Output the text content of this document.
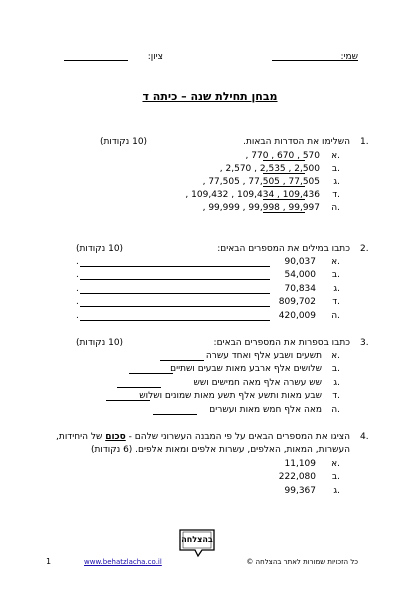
שמי:
ציון:
מבחן תחילת שנה – כיתה ד
1.
השלימו את הסדרות הבאות.
(10 נקודות)
א.
570 , 670 , 770 ,
ב.
2,500 , 2,535 , 2,570 ,
ג.
77,505 , 77,505 , 77,505 ,
ד.
109,436 , 109,434 , 109,432 ,
ה.
99,997 , 99,998 , 99,999 ,
2.
כתבו במילים את המספרים הבאים:
(10 נקודות)
א.
90,037
.
ב.
54,000
.
ג.
70,834
.
ד.
809,702
.
ה.
420,009
.
3.
כתבו בספרות את המספרים הבאים:
(10 נקודות)
א.
תשעים ושבע אלף ואחד עשרה
ב.
שלושים אלף ארבע מאות שבעים ושתיים
ג.
שש עשרה אלף מאה חמישים ושש
ד.
שבע מאות ותשע אלף תשע מאות שמונים ושלוש
ה.
מאה אלף חמש מאות ועשרים
4.
הציגו את המספרים הבאים על פי המבנה העשרוני שלהם - סכום של היחידות,
העשרות, המאות, האלפים, עשרות אלפים ומאות אלפים. (6 נקודות)
א.
11,109
ב.
222,080
ג.
99,367
בהצלחה
1	www.behatzlacha.co.il	כל הזכויות שמורות לאתר בהצלחה ©
